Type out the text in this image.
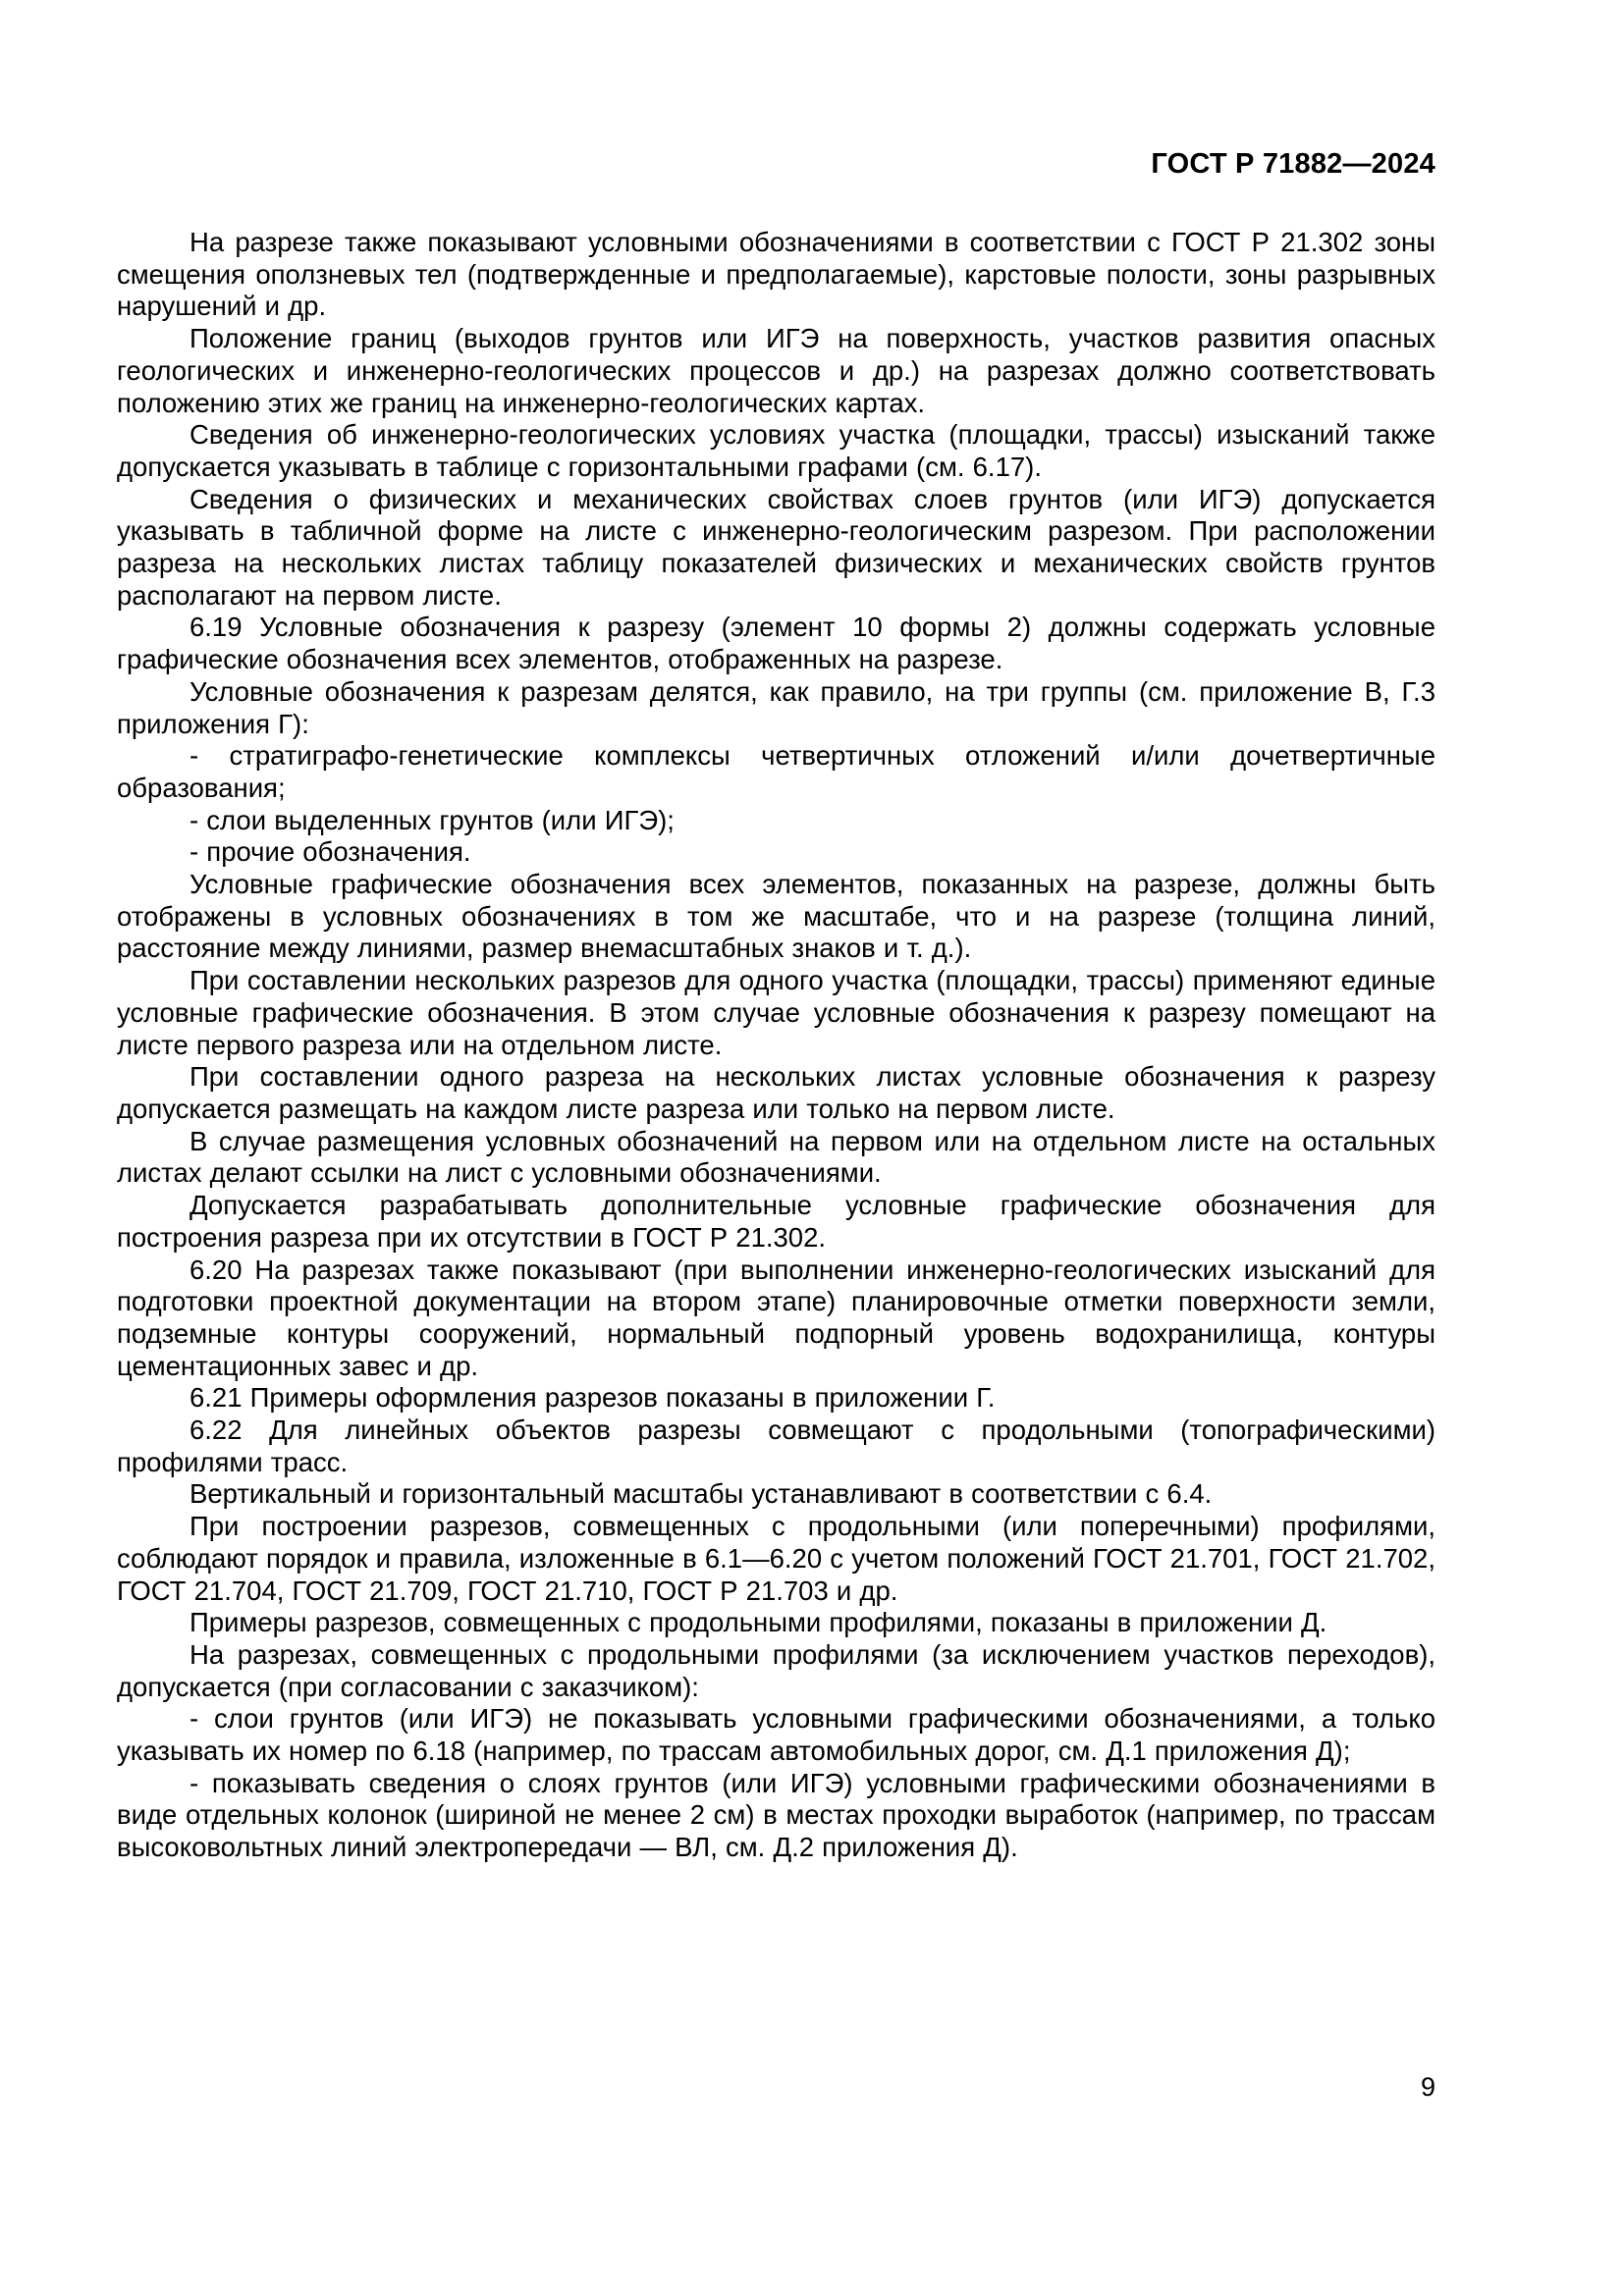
ГОСТ Р 71882—2024

На разрезе также показывают условными обозначениями в соответствии с ГОСТ Р 21.302 зоны смещения оползневых тел (подтвержденные и предполагаемые), карстовые полости, зоны разрывных нарушений и др.

Положение границ (выходов грунтов или ИГЭ на поверхность, участков развития опасных геологических и инженерно-геологических процессов и др.) на разрезах должно соответствовать положению этих же границ на инженерно-геологических картах.

Сведения об инженерно-геологических условиях участка (площадки, трассы) изысканий также допускается указывать в таблице с горизонтальными графами (см. 6.17).

Сведения о физических и механических свойствах слоев грунтов (или ИГЭ) допускается указывать в табличной форме на листе с инженерно-геологическим разрезом. При расположении разреза на нескольких листах таблицу показателей физических и механических свойств грунтов располагают на первом листе.

6.19 Условные обозначения к разрезу (элемент 10 формы 2) должны содержать условные графические обозначения всех элементов, отображенных на разрезе.

Условные обозначения к разрезам делятся, как правило, на три группы (см. приложение В, Г.3 приложения Г):

- стратиграфо-генетические комплексы четвертичных отложений и/или дочетвертичные образования;

- слои выделенных грунтов (или ИГЭ);

- прочие обозначения.

Условные графические обозначения всех элементов, показанных на разрезе, должны быть отображены в условных обозначениях в том же масштабе, что и на разрезе (толщина линий, расстояние между линиями, размер внемасштабных знаков и т. д.).

При составлении нескольких разрезов для одного участка (площадки, трассы) применяют единые условные графические обозначения. В этом случае условные обозначения к разрезу помещают на листе первого разреза или на отдельном листе.

При составлении одного разреза на нескольких листах условные обозначения к разрезу допускается размещать на каждом листе разреза или только на первом листе.

В случае размещения условных обозначений на первом или на отдельном листе на остальных листах делают ссылки на лист с условными обозначениями.

Допускается разрабатывать дополнительные условные графические обозначения для построения разреза при их отсутствии в ГОСТ Р 21.302.

6.20 На разрезах также показывают (при выполнении инженерно-геологических изысканий для подготовки проектной документации на втором этапе) планировочные отметки поверхности земли, подземные контуры сооружений, нормальный подпорный уровень водохранилища, контуры цементационных завес и др.

6.21 Примеры оформления разрезов показаны в приложении Г.

6.22 Для линейных объектов разрезы совмещают с продольными (топографическими) профилями трасс.

Вертикальный и горизонтальный масштабы устанавливают в соответствии с 6.4.

При построении разрезов, совмещенных с продольными (или поперечными) профилями, соблюдают порядок и правила, изложенные в 6.1—6.20 с учетом положений ГОСТ 21.701, ГОСТ 21.702, ГОСТ 21.704, ГОСТ 21.709, ГОСТ 21.710, ГОСТ Р 21.703 и др.

Примеры разрезов, совмещенных с продольными профилями, показаны в приложении Д.

На разрезах, совмещенных с продольными профилями (за исключением участков переходов), допускается (при согласовании с заказчиком):

- слои грунтов (или ИГЭ) не показывать условными графическими обозначениями, а только указывать их номер по 6.18 (например, по трассам автомобильных дорог, см. Д.1 приложения Д);

- показывать сведения о слоях грунтов (или ИГЭ) условными графическими обозначениями в виде отдельных колонок (шириной не менее 2 см) в местах проходки выработок (например, по трассам высоковольтных линий электропередачи — ВЛ, см. Д.2 приложения Д).

9
